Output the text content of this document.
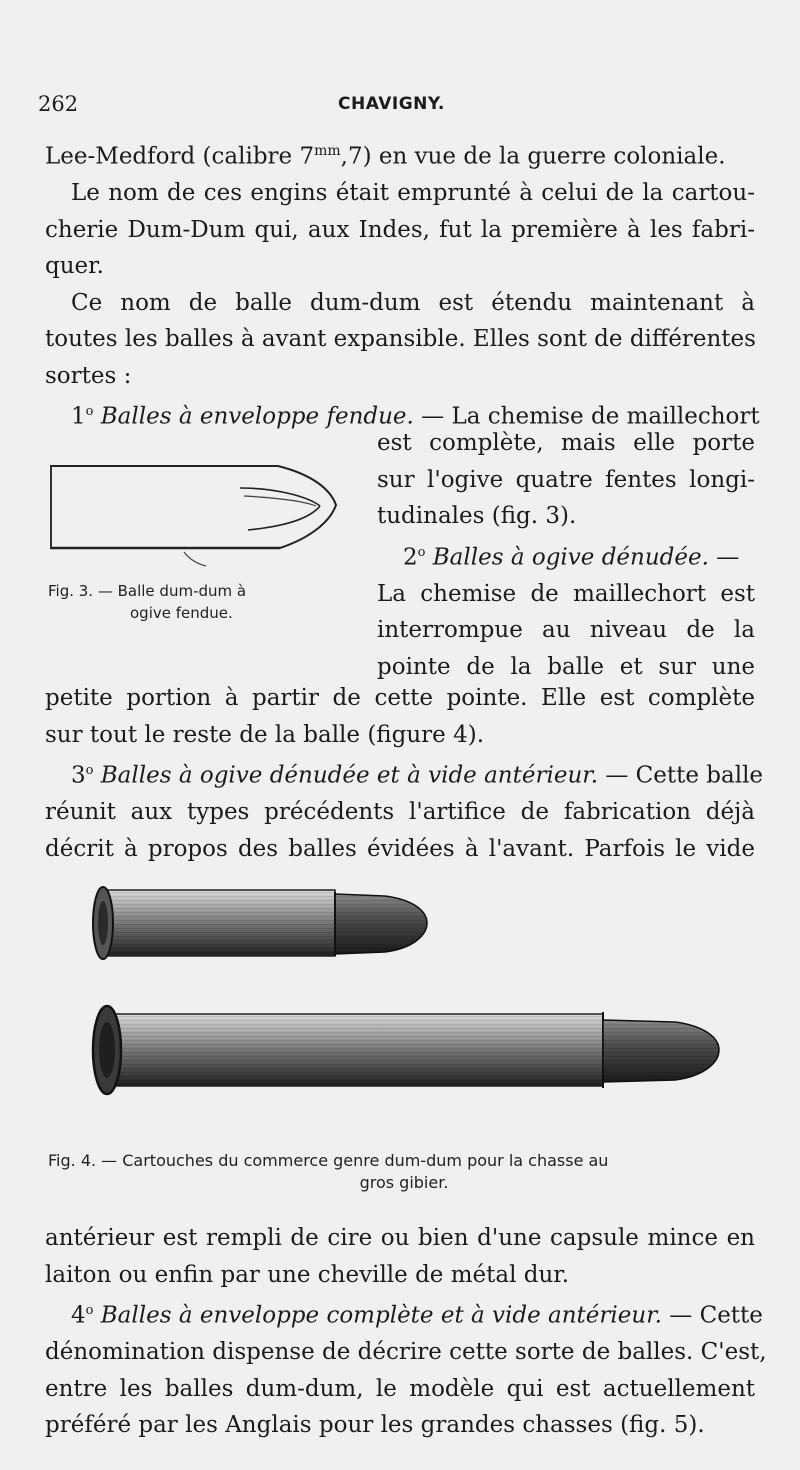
262	CHAVIGNY.
Lee-Medford (calibre $7^{mm},7$) en vue de la guerre coloniale.
Le nom de ces engins était emprunté à celui de la cartou-
cherie Dum-Dum qui, aux Indes, fut la première à les fabri-
quer.
Ce nom de balle dum-dum est étendu maintenant à
toutes les balles à avant expansible. Elles sont de différentes
sortes :
1$^o$ Balles à enveloppe fendue. — La chemise de maillechort
est complète, mais elle porte
sur l'ogive quatre fentes longi-
tudinales (fig. 3).
2$^o$ Balles à ogive dénudée. —
La chemise de maillechort est
interrompue au niveau de la
pointe de la balle et sur une
Fig. 3. — Balle dum-dum à
ogive fendue.
petite portion à partir de cette pointe. Elle est complète
sur tout le reste de la balle (figure 4).
3$^o$ Balles à ogive dénudée et à vide antérieur. — Cette balle
réunit aux types précédents l'artifice de fabrication déjà
décrit à propos des balles évidées à l'avant. Parfois le vide
Fig. 4. — Cartouches du commerce genre dum-dum pour la chasse au
gros gibier.
antérieur est rempli de cire ou bien d'une capsule mince en
laiton ou enfin par une cheville de métal dur.
4$^o$ Balles à enveloppe complète et à vide antérieur. — Cette
dénomination dispense de décrire cette sorte de balles. C'est,
entre les balles dum-dum, le modèle qui est actuellement
préféré par les Anglais pour les grandes chasses (fig. 5).
